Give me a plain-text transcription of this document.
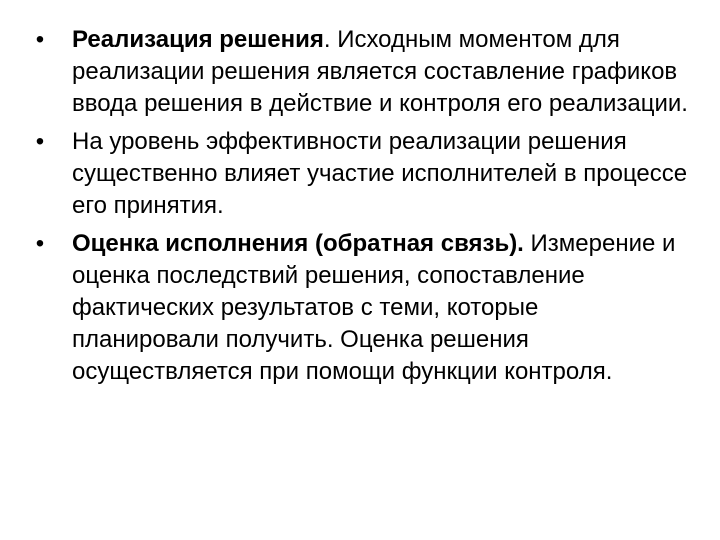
•	Реализация решения. Исходным моментом для реализации решения является составление графиков ввода решения в действие и контроля его реализации.
•	На уровень эффективности реализации решения существенно влияет участие исполнителей в процессе его принятия.
•	Оценка исполнения (обратная связь). Измерение и оценка последствий решения, сопоставление фактических результатов с теми, которые планировали получить. Оценка решения осуществляется при помощи функции контроля.
